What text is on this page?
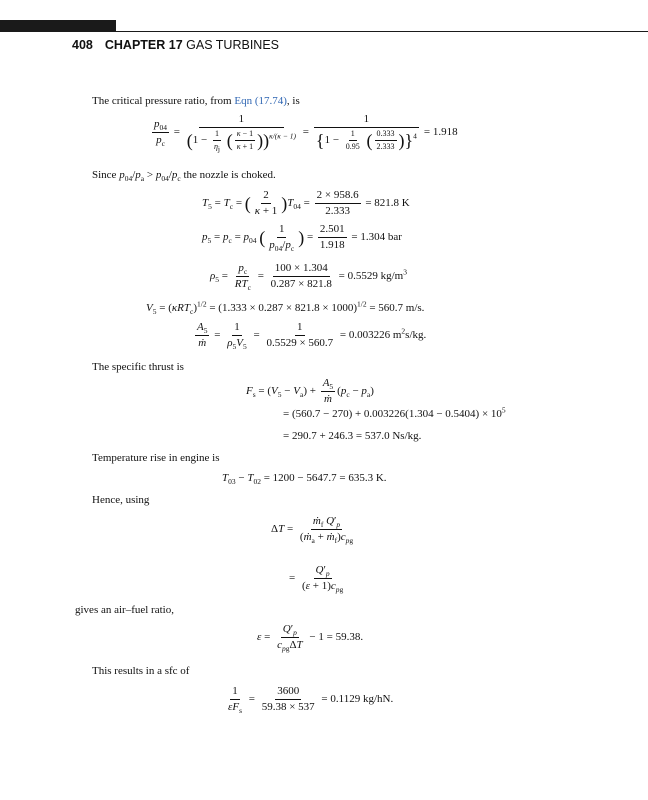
408 CHAPTER 17 GAS TURBINES
The critical pressure ratio, from Eqn (17.74), is
$\frac{p_{04}}{p_c} = \frac{1}{(1 - \frac{1}{\eta_j} ( \frac{\kappa - 1}{\kappa + 1} ))^{\kappa/(\kappa - 1)}} = \frac{1}{\{1 - \frac{1}{0.95} ( \frac{0.333}{2.333} )\}^4} = 1.918$
Since $p_{04}/p_a > p_{04}/p_c$ the nozzle is choked.
$T_5 = T_c$ = ( $\frac{2}{\kappa + 1} )T_{04} = \frac{2 \times 958.6}{2.333} = 821.8$ K
$p_5 = p_c = p_{04}$ ( $\frac{1}{p_{04}/p_c}$ ) = $\frac{2.501}{1.918} = 1.304$ bar
$\rho_5 = \frac{p_c}{RT_c} = \frac{100 \times 1.304}{0.287 \times 821.8} = 0.5529$ $kg/m^3$
$V_5 = (\kappa RT_c)^{1/2} = (1.333 \times 0.287 \times 821.8 \times 1000)^{1/2} = 560.7$ m/s.
$\frac{A_5}{\text{ṁ}} = \frac{1}{\rho_5V_5} = \frac{1}{0.5529 \times 560.7} = 0.003226$ $m^2s/kg$.
The specific thrust is
$F_s = (V_5 - V_a) + \frac{A_5}{\text{ṁ}} (p_c - p_a)$
= $(560.7 - 270) + 0.003226(1.304 - 0.5404) \times 10^5$
= 290.7 + 246.3 = 537.0 Ns/kg.
Temperature rise in engine is
$T_{03} - T_{02} = 1200 - 5647.7 = 635.3$ K.
Hence, using
$\Delta T = \frac{ṁ_f Q'_p}{(ṁ_a + ṁ_f)c_{pg}}$
= $\frac{Q'_p}{(\varepsilon + 1)c_{pg}}$
gives an air–fuel ratio,
$\varepsilon = \frac{Q'_p}{c_{pg}\Delta T} - 1 = 59.38$.
This results in a sfc of
$\frac{1}{\varepsilon F_s} = \frac{3600}{59.38 \times 537} = 0.1129$ kg/hN.
